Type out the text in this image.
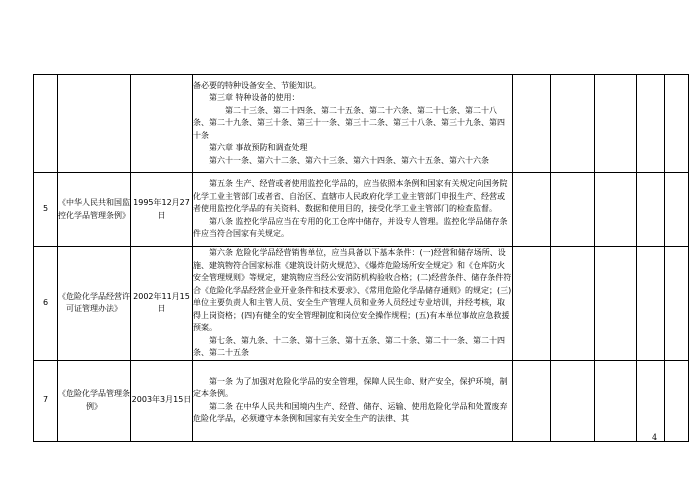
			备必要的特种设备安全、节能知识。

第三章 特种设备的使用：

第二十三条、第二十四条、第二十五条、第二十六条、第二十七条、第二十八条、第二十九条、第三十条、第三十一条、第三十二条、第三十八条、第三十九条、第四十条

第六章 事故预防和调查处理

第六十一条、第六十二条、第六十三条、第六十四条、第六十五条、第六十六条					

5	《中华人民共和国监控化学品管理条例》	1995年12月27日	第五条 生产、经营或者使用监控化学品的，应当依照本条例和国家有关规定向国务院化学工业主管部门或者省、自治区、直辖市人民政府化学工业主管部门申报生产、经营或者使用监控化学品的有关资料、数据和使用目的，接受化学工业主管部门的检查监督。

第八条 监控化学品应当在专用的化工仓库中储存，并设专人管理。监控化学品储存条件应当符合国家有关规定。					

6	《危险化学品经营许可证管理办法》	2002年11月15日	第六条 危险化学品经营销售单位，应当具备以下基本条件：(一)经营和储存场所、设施、建筑物符合国家标准《建筑设计防火规范》、《爆炸危险场所安全规定》和《仓库防火安全管理规则》等规定，建筑物应当经公安消防机构验收合格；(二)经营条件、储存条件符合《危险化学品经营企业开业条件和技术要求》、《常用危险化学品储存通则》的规定；(三)单位主要负责人和主管人员、安全生产管理人员和业务人员经过专业培训，并经考核，取得上岗资格；(四)有健全的安全管理制度和岗位安全操作规程；(五)有本单位事故应急救援预案。

第七条、第九条、十二条、第十三条、第十五条、第二十条、第二十一条、第二十四条、第二十五条					

7	《危险化学品管理条例》	2003年3月15日	第一条 为了加强对危险化学品的安全管理，保障人民生命、财产安全，保护环境，制定本条例。

第二条 在中华人民共和国境内生产、经营、储存、运输、使用危险化学品和处置废弃危险化学品，必须遵守本条例和国家有关安全生产的法律、其					

4
